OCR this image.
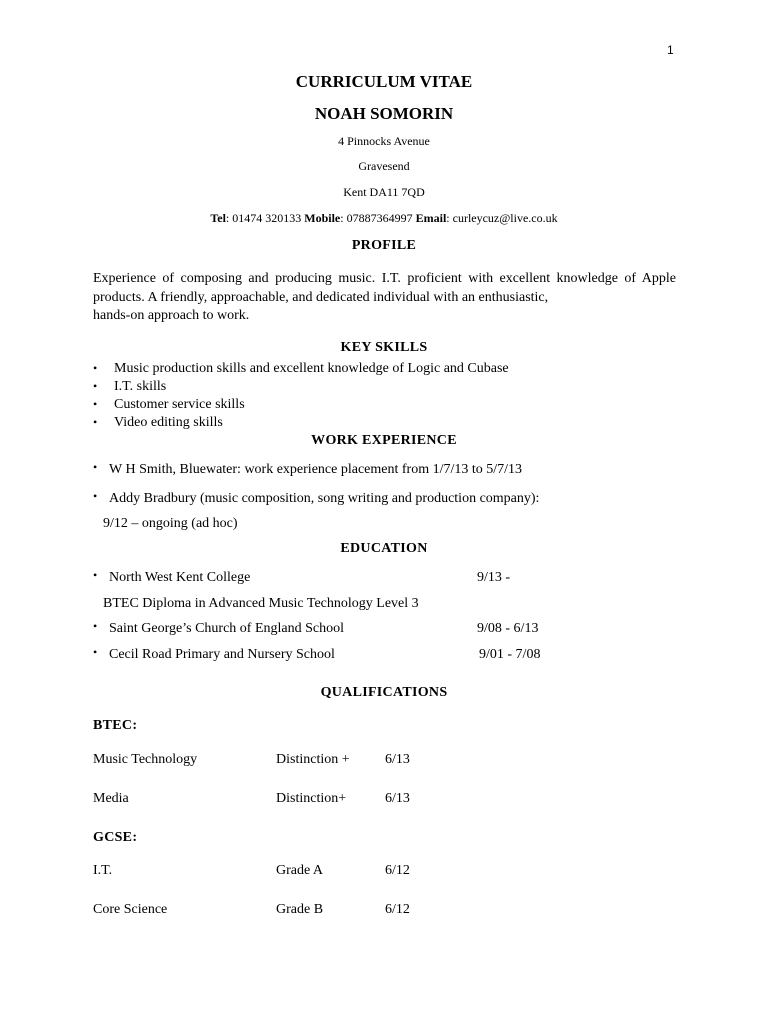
1
CURRICULUM VITAE
NOAH SOMORIN
4 Pinnocks Avenue
Gravesend
Kent DA11 7QD
Tel: 01474 320133 Mobile: 07887364997 Email: curleycuz@live.co.uk
PROFILE
Experience of composing and producing music. I.T. proficient with excellent knowledge of Apple products. A friendly, approachable, and dedicated individual with an enthusiastic,
hands-on approach to work.
KEY SKILLS
• Music production skills and excellent knowledge of Logic and Cubase
• I.T. skills
• Customer service skills
• Video editing skills
WORK EXPERIENCE
• W H Smith, Bluewater: work experience placement from 1/7/13 to 5/7/13
• Addy Bradbury (music composition, song writing and production company):
9/12 – ongoing (ad hoc)
EDUCATION
• North West Kent College	9/13 -
BTEC Diploma in Advanced Music Technology Level 3
• Saint George’s Church of England School	9/08 - 6/13
• Cecil Road Primary and Nursery School	9/01 - 7/08
QUALIFICATIONS
BTEC:
Music Technology	Distinction +	6/13
Media	Distinction+	6/13
GCSE:
I.T.	Grade A	6/12
Core Science	Grade B	6/12
